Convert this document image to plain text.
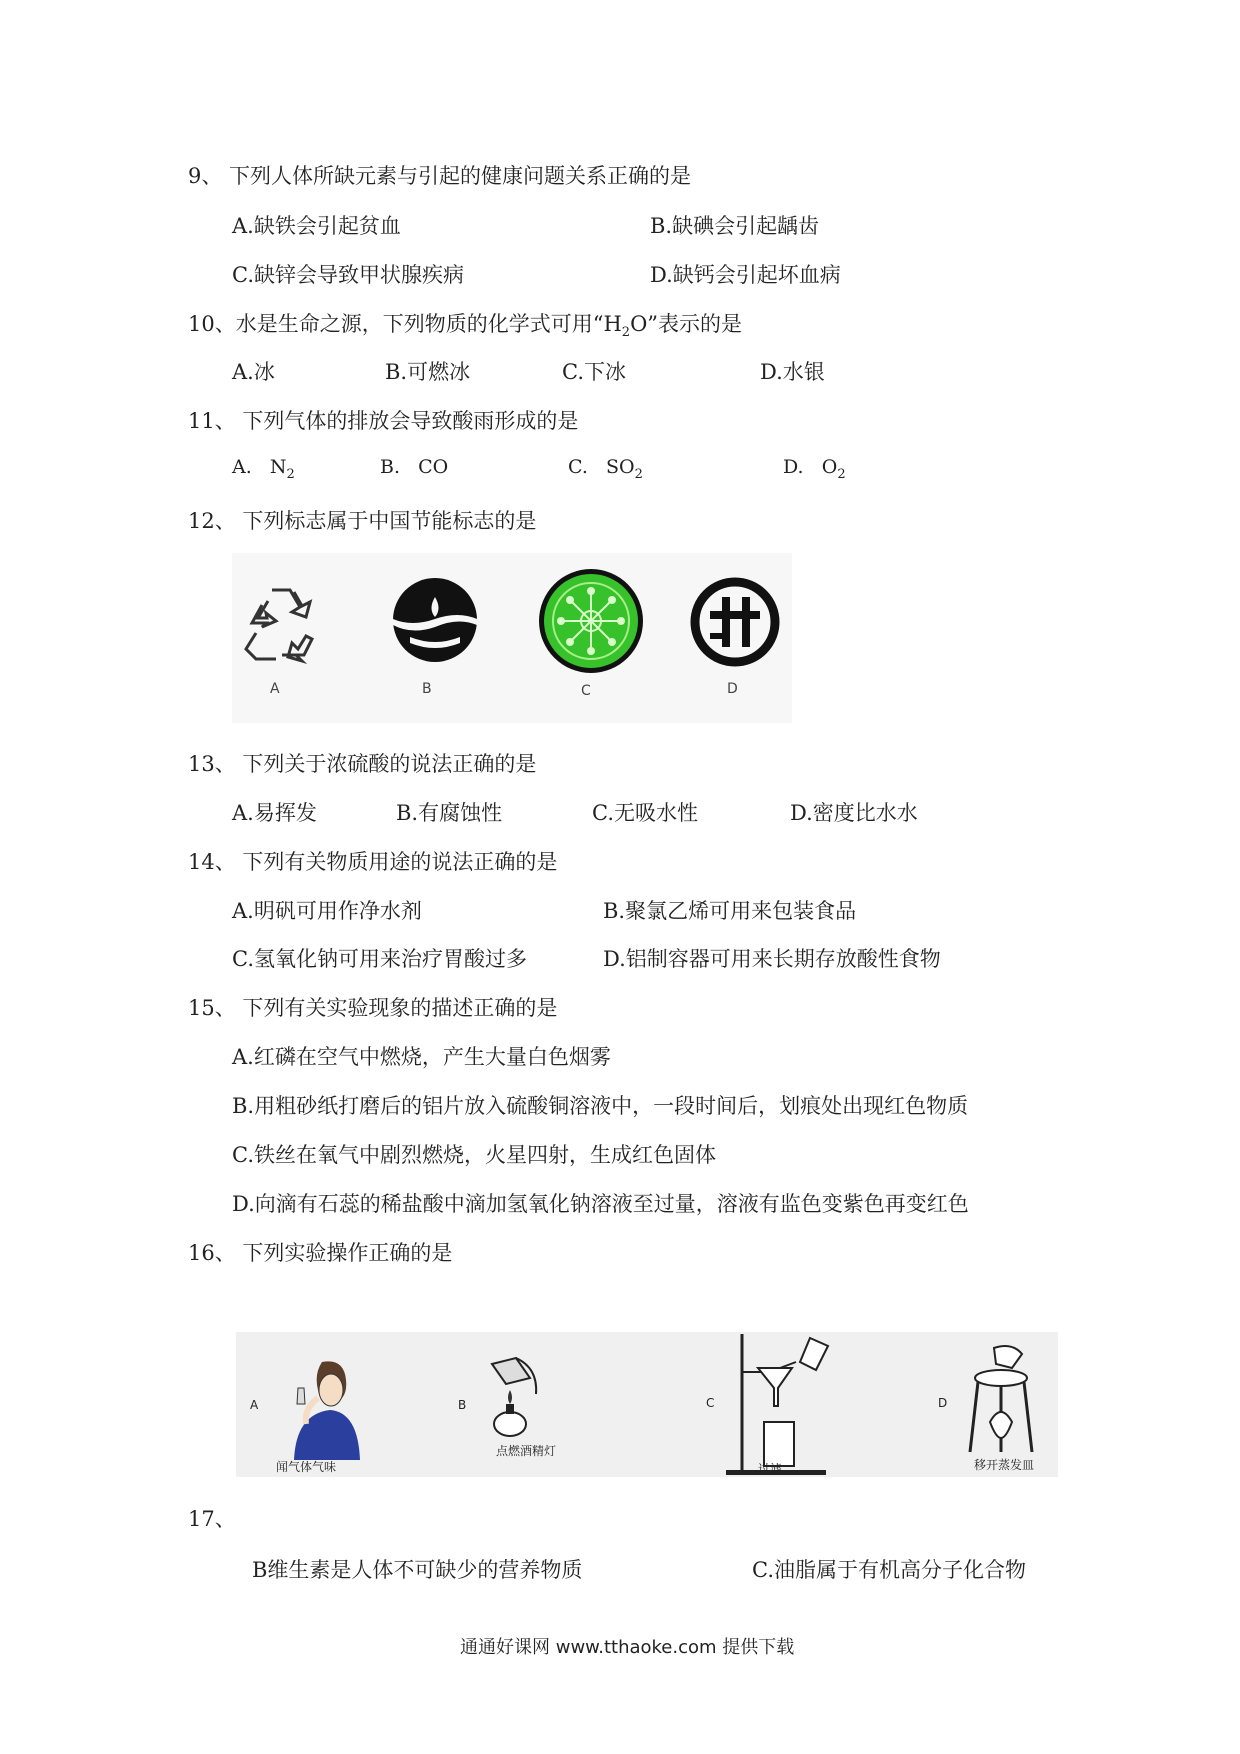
9、 下列人体所缺元素与引起的健康问题关系正确的是
A.缺铁会引起贫血	B.缺碘会引起龋齿
C.缺锌会导致甲状腺疾病	D.缺钙会引起坏血病
10、水是生命之源，下列物质的化学式可用“$H_2O$”表示的是
A.冰	B.可燃冰	C.下冰	D.水银
11、 下列气体的排放会导致酸雨形成的是
A. $N_2$	B. CO	C. $SO_2$	D. $O_2$
12、 下列标志属于中国节能标志的是
A	B	C	D
13、 下列关于浓硫酸的说法正确的是
A.易挥发	B.有腐蚀性	C.无吸水性	D.密度比水水
14、 下列有关物质用途的说法正确的是
A.明矾可用作净水剂	B.聚氯乙烯可用来包装食品
C.氢氧化钠可用来治疗胃酸过多	D.铝制容器可用来长期存放酸性食物
15、 下列有关实验现象的描述正确的是
A.红磷在空气中燃烧，产生大量白色烟雾
B.用粗砂纸打磨后的铝片放入硫酸铜溶液中，一段时间后，划痕处出现红色物质
C.铁丝在氧气中剧烈燃烧，火星四射，生成红色固体
D.向滴有石蕊的稀盐酸中滴加氢氧化钠溶液至过量，溶液有监色变紫色再变红色
16、 下列实验操作正确的是
A
闻气体气味
B
点燃酒精灯
C
过滤
D
移开蒸发皿
17、
B维生素是人体不可缺少的营养物质	C.油脂属于有机高分子化合物
通通好课网 www.tthaoke.com 提供下载
